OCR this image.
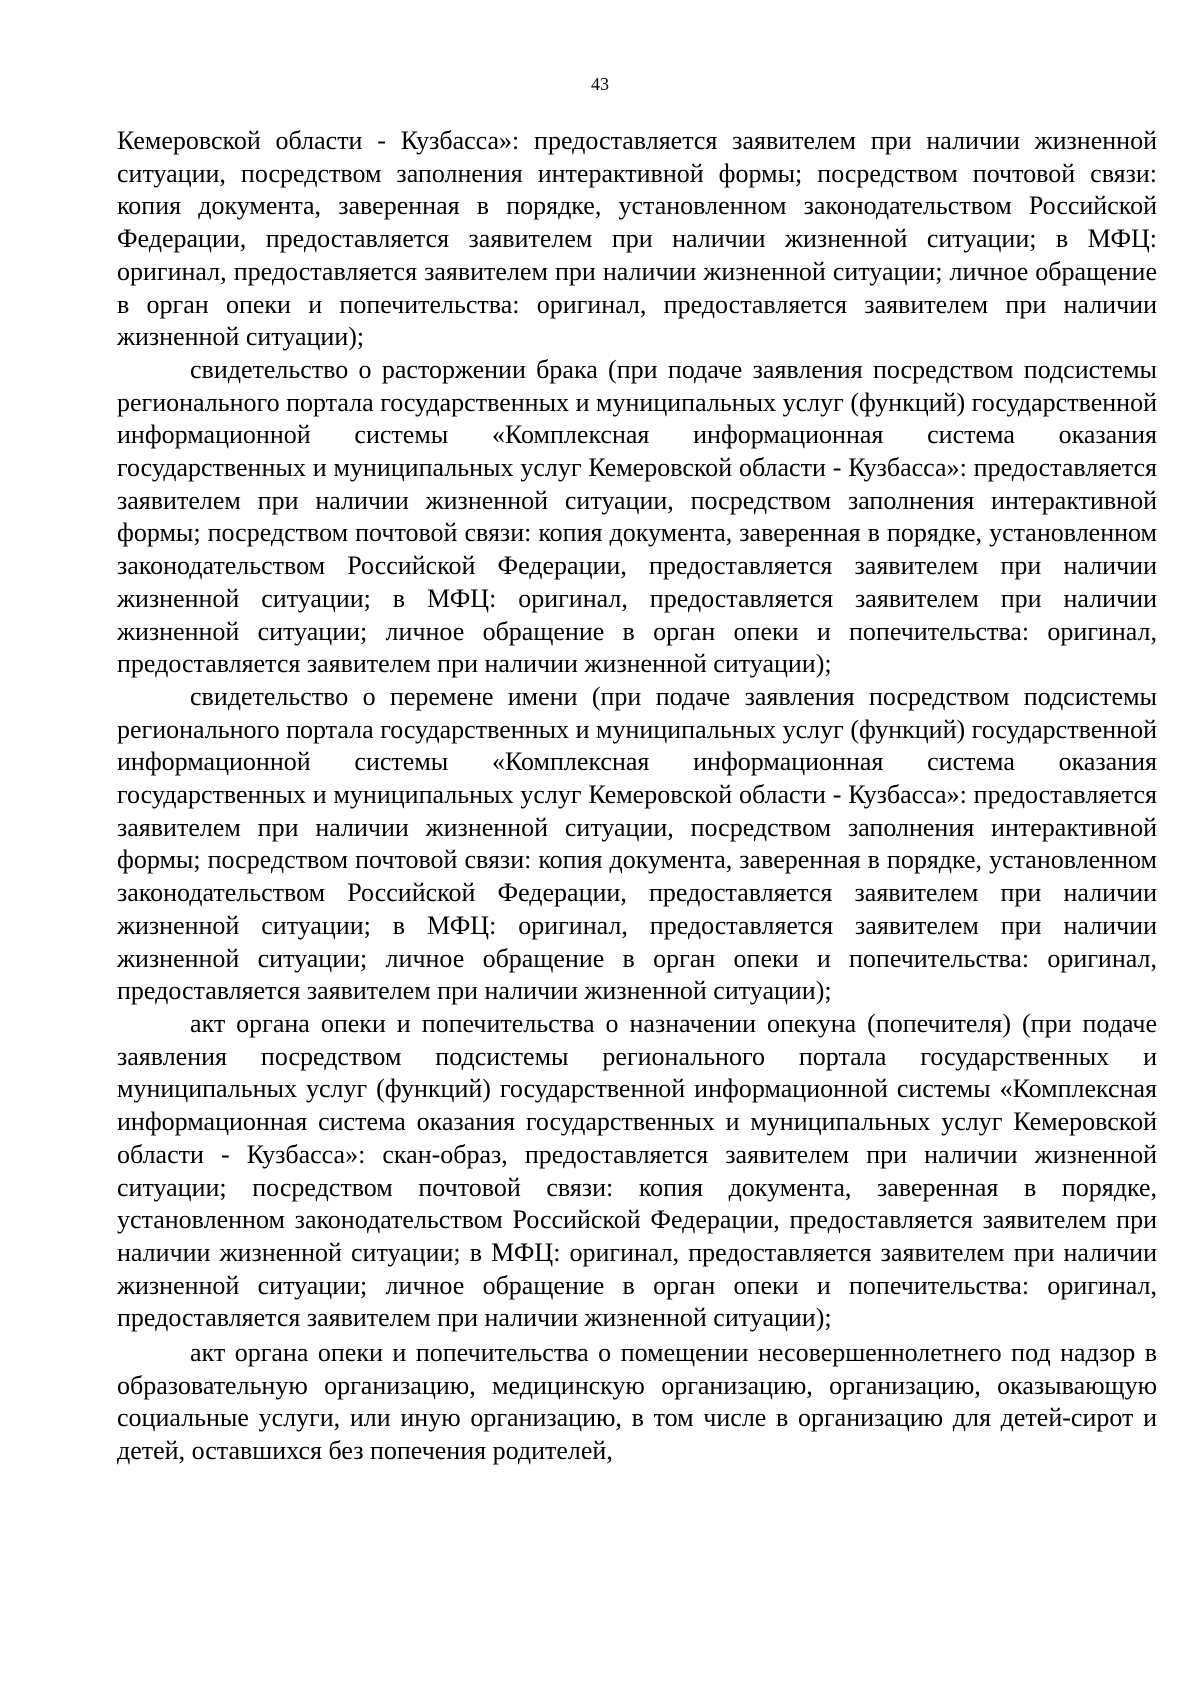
43

Кемеровской области - Кузбасса»: предоставляется заявителем при наличии жизненной ситуации, посредством заполнения интерактивной формы; посредством почтовой связи: копия документа, заверенная в порядке, установленном законодательством Российской Федерации, предоставляется заявителем при наличии жизненной ситуации; в МФЦ: оригинал, предоставляется заявителем при наличии жизненной ситуации; личное обращение в орган опеки и попечительства: оригинал, предоставляется заявителем при наличии жизненной ситуации);

свидетельство о расторжении брака (при подаче заявления посредством подсистемы регионального портала государственных и муниципальных услуг (функций) государственной информационной системы «Комплексная информационная система оказания государственных и муниципальных услуг Кемеровской области - Кузбасса»: предоставляется заявителем при наличии жизненной ситуации, посредством заполнения интерактивной формы; посредством почтовой связи: копия документа, заверенная в порядке, установленном законодательством Российской Федерации, предоставляется заявителем при наличии жизненной ситуации; в МФЦ: оригинал, предоставляется заявителем при наличии жизненной ситуации; личное обращение в орган опеки и попечительства: оригинал, предоставляется заявителем при наличии жизненной ситуации);

свидетельство о перемене имени (при подаче заявления посредством подсистемы регионального портала государственных и муниципальных услуг (функций) государственной информационной системы «Комплексная информационная система оказания государственных и муниципальных услуг Кемеровской области - Кузбасса»: предоставляется заявителем при наличии жизненной ситуации, посредством заполнения интерактивной формы; посредством почтовой связи: копия документа, заверенная в порядке, установленном законодательством Российской Федерации, предоставляется заявителем при наличии жизненной ситуации; в МФЦ: оригинал, предоставляется заявителем при наличии жизненной ситуации; личное обращение в орган опеки и попечительства: оригинал, предоставляется заявителем при наличии жизненной ситуации);

акт органа опеки и попечительства о назначении опекуна (попечителя) (при подаче заявления посредством подсистемы регионального портала государственных и муниципальных услуг (функций) государственной информационной системы «Комплексная информационная система оказания государственных и муниципальных услуг Кемеровской области - Кузбасса»: скан-образ, предоставляется заявителем при наличии жизненной ситуации; посредством почтовой связи: копия документа, заверенная в порядке, установленном законодательством Российской Федерации, предоставляется заявителем при наличии жизненной ситуации; в МФЦ: оригинал, предоставляется заявителем при наличии жизненной ситуации; личное обращение в орган опеки и попечительства: оригинал, предоставляется заявителем при наличии жизненной ситуации);

акт органа опеки и попечительства о помещении несовершеннолетнего под надзор в образовательную организацию, медицинскую организацию, организацию, оказывающую социальные услуги, или иную организацию, в том числе в организацию для детей-сирот и детей, оставшихся без попечения родителей,
